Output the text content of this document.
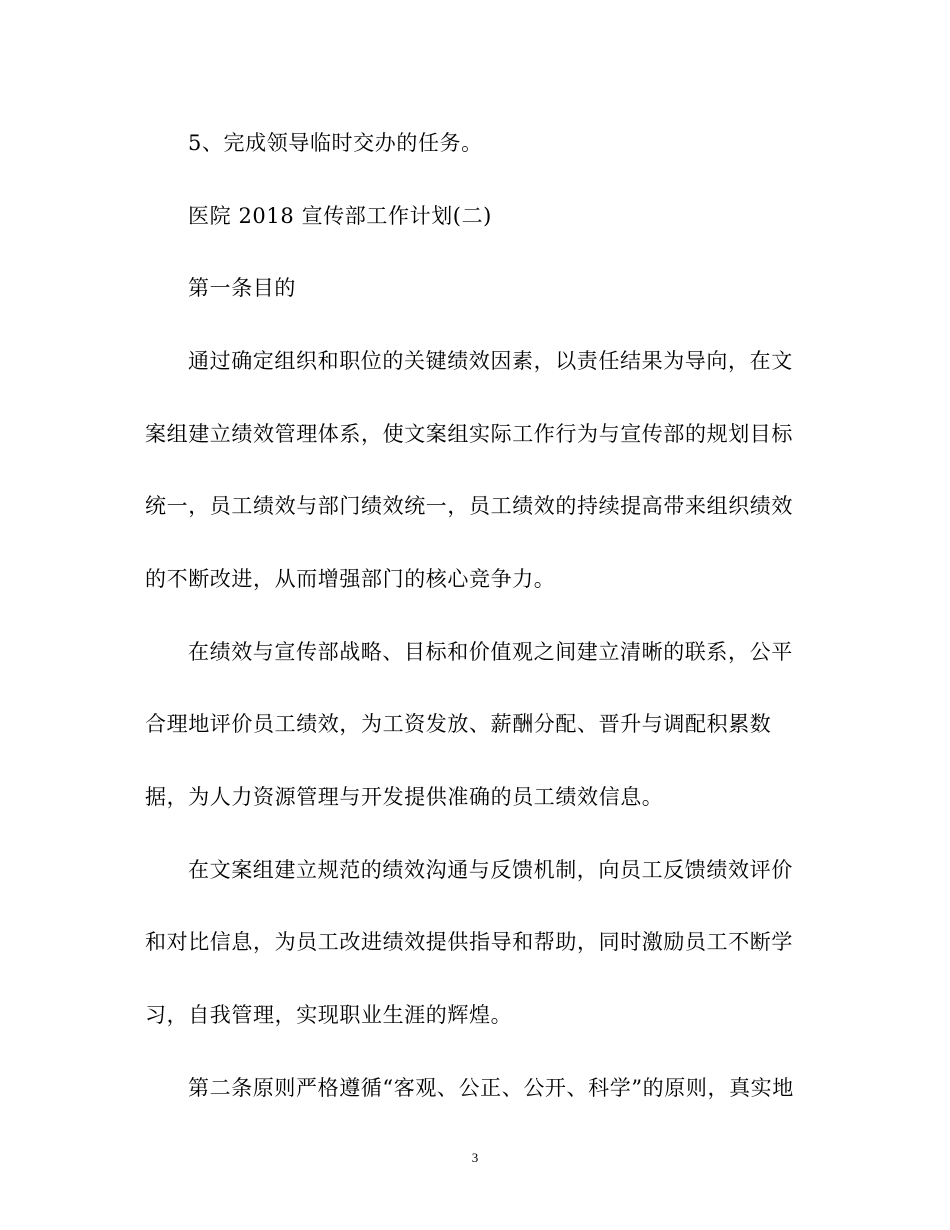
5、完成领导临时交办的任务。
医院 2018 宣传部工作计划(二)
第一条目的
通过确定组织和职位的关键绩效因素，以责任结果为导向，在文
案组建立绩效管理体系，使文案组实际工作行为与宣传部的规划目标
统一，员工绩效与部门绩效统一，员工绩效的持续提高带来组织绩效
的不断改进，从而增强部门的核心竞争力。
在绩效与宣传部战略、目标和价值观之间建立清晰的联系，公平
合理地评价员工绩效，为工资发放、薪酬分配、晋升与调配积累数
据，为人力资源管理与开发提供准确的员工绩效信息。
在文案组建立规范的绩效沟通与反馈机制，向员工反馈绩效评价
和对比信息，为员工改进绩效提供指导和帮助，同时激励员工不断学
习，自我管理，实现职业生涯的辉煌。
第二条原则严格遵循“客观、公正、公开、科学”的原则，真实地
3
